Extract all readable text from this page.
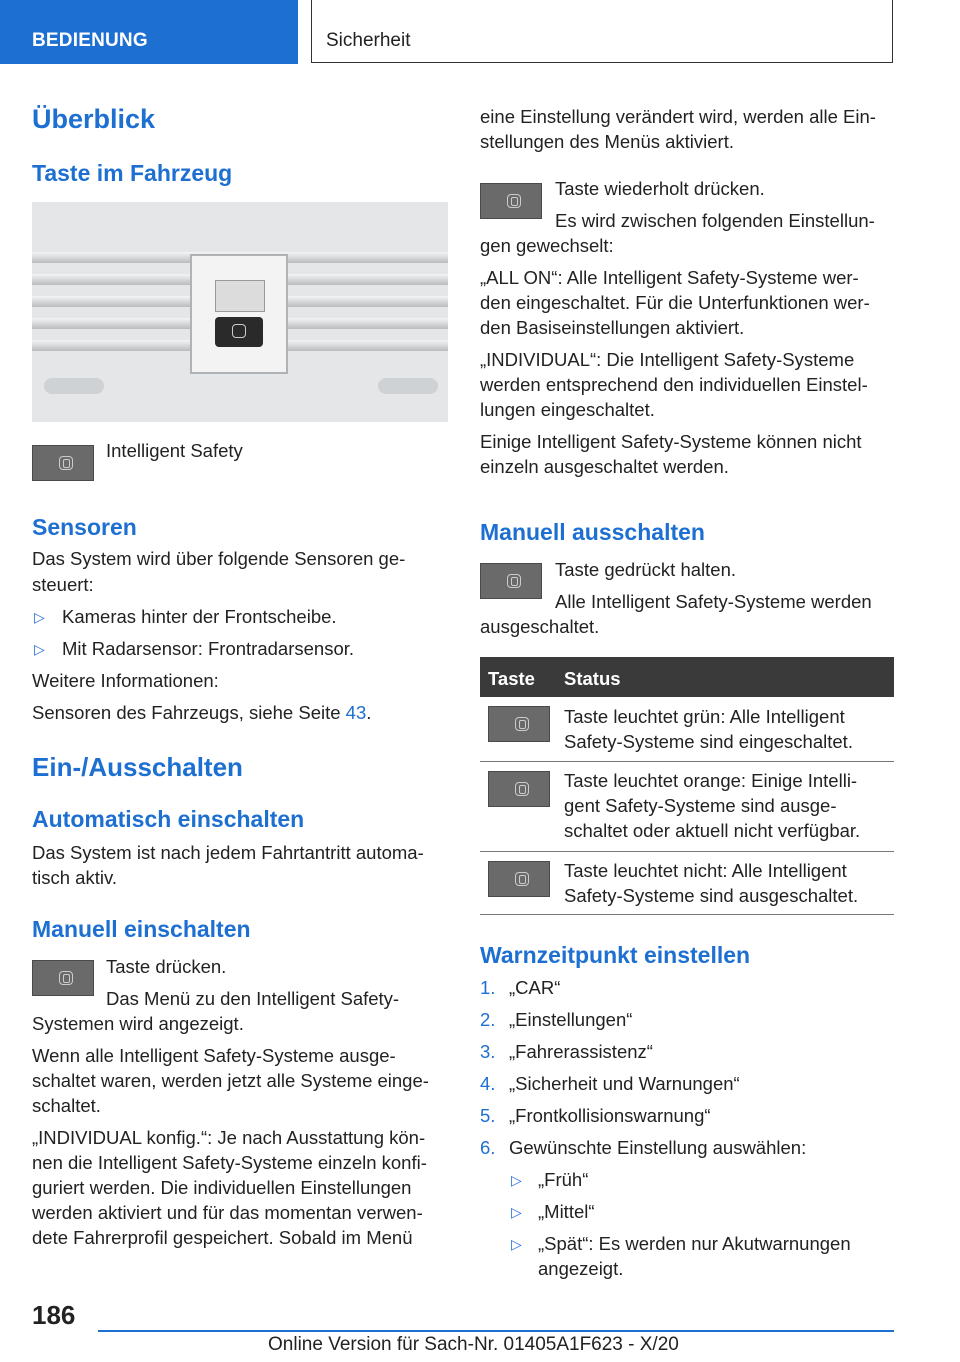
BEDIENUNG	Sicherheit
Überblick
Taste im Fahrzeug

Intelligent Safety

Sensoren

Das System wird über folgende Sensoren ge-

steuert:

▷ Kameras hinter der Frontscheibe.

▷ Mit Radarsensor: Frontradarsensor.

Weitere Informationen:

Sensoren des Fahrzeugs, siehe Seite 43.

Ein-/Ausschalten
Automatisch einschalten

Das System ist nach jedem Fahrtantritt automa-

tisch aktiv.

Manuell einschalten

Taste drücken.

Das Menü zu den Intelligent Safety-

Systemen wird angezeigt.

Wenn alle Intelligent Safety-Systeme ausge-

schaltet waren, werden jetzt alle Systeme einge-

schaltet.

„INDIVIDUAL konfig.“: Je nach Ausstattung kön-

nen die Intelligent Safety-Systeme einzeln konfi-

guriert werden. Die individuellen Einstellungen

werden aktiviert und für das momentan verwen-

dete Fahrerprofil gespeichert. Sobald im Menü

eine Einstellung verändert wird, werden alle Ein-

stellungen des Menüs aktiviert.

Taste wiederholt drücken.

Es wird zwischen folgenden Einstellun-

gen gewechselt:

„ALL ON“: Alle Intelligent Safety-Systeme wer-

den eingeschaltet. Für die Unterfunktionen wer-

den Basiseinstellungen aktiviert.

„INDIVIDUAL“: Die Intelligent Safety-Systeme

werden entsprechend den individuellen Einstel-

lungen eingeschaltet.

Einige Intelligent Safety-Systeme können nicht

einzeln ausgeschaltet werden.

Manuell ausschalten

Taste gedrückt halten.

Alle Intelligent Safety-Systeme werden

ausgeschaltet.

Taste Status

Taste leuchtet grün: Alle Intelligent

Safety-Systeme sind eingeschaltet.

Taste leuchtet orange: Einige Intelli-

gent Safety-Systeme sind ausge-

schaltet oder aktuell nicht verfügbar.

Taste leuchtet nicht: Alle Intelligent

Safety-Systeme sind ausgeschaltet.

Warnzeitpunkt einstellen
1. „CAR“

2. „Einstellungen“

3. „Fahrerassistenz“

4. „Sicherheit und Warnungen“

5. „Frontkollisionswarnung“

6. Gewünschte Einstellung auswählen:

▷ „Früh“

▷ „Mittel“

▷ „Spät“: Es werden nur Akutwarnungen

angezeigt.

186
Online Version für Sach-Nr. 01405A1F623 - X/20
